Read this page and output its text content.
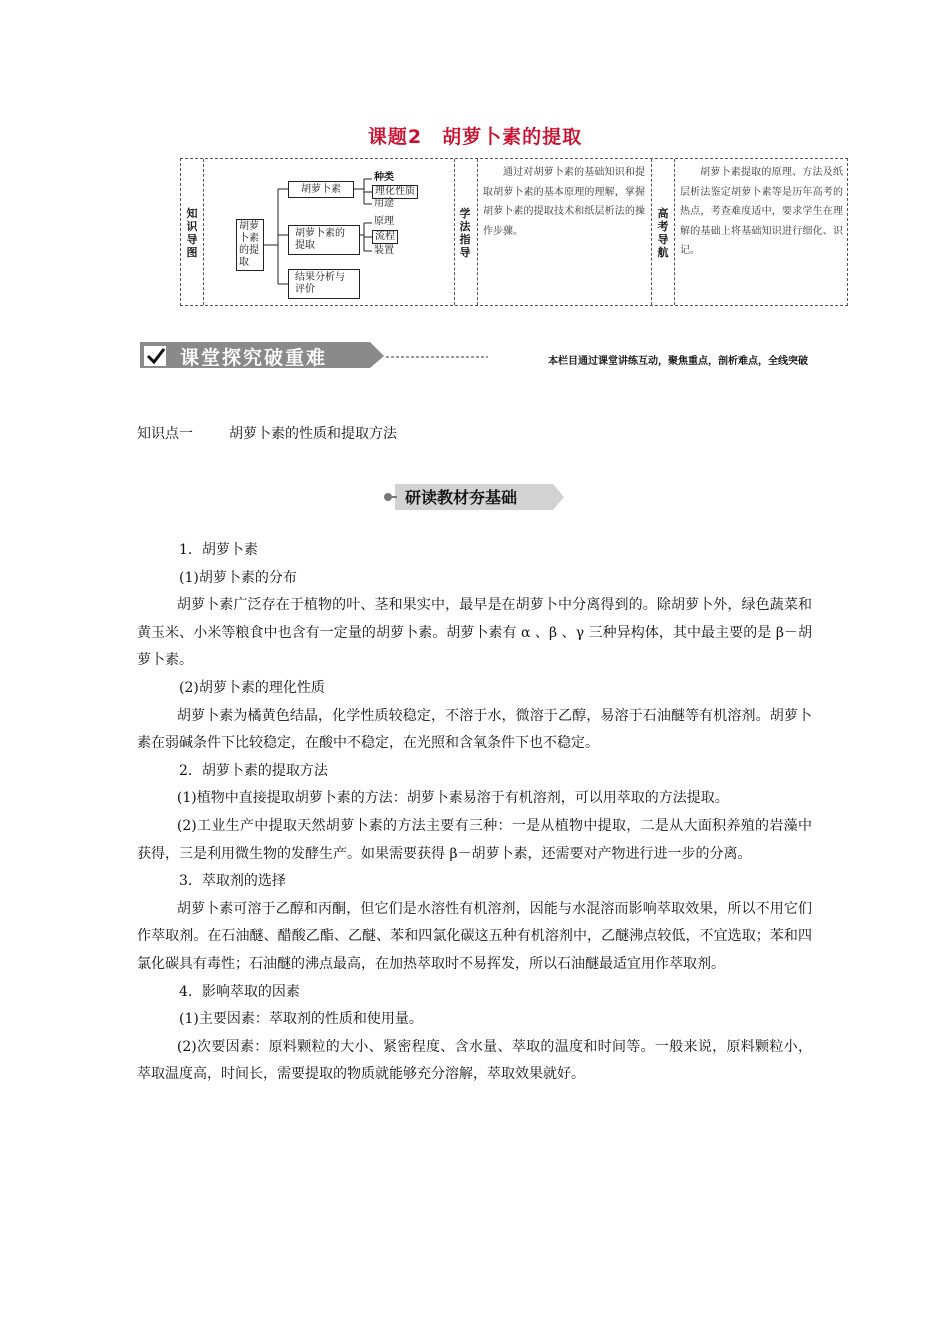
课题2　胡萝卜素的提取
知识导图
胡萝卜素的提取
胡萝卜素
胡萝卜素的提取
结果分析与评价
种类
理化性质
用途
原理
流程
装置
学法指导
通过对胡萝卜素的基础知识和提取胡萝卜素的基本原理的理解，掌握胡萝卜素的提取技术和纸层析法的操作步骤。
高考导航
胡萝卜素提取的原理、方法及纸层析法鉴定胡萝卜素等是历年高考的热点，考查难度适中，要求学生在理解的基础上将基础知识进行细化、识记。
课堂探究破重难	本栏目通过课堂讲练互动，聚焦重点，剖析难点，全线突破
知识点一	胡萝卜素的性质和提取方法
研读教材夯基础

1．胡萝卜素

(1)胡萝卜素的分布

胡萝卜素广泛存在于植物的叶、茎和果实中，最早是在胡萝卜中分离得到的。除胡萝卜外，绿色蔬菜和黄玉米、小米等粮食中也含有一定量的胡萝卜素。胡萝卜素有 α 、β 、γ 三种异构体，其中最主要的是 β－胡萝卜素。

(2)胡萝卜素的理化性质

胡萝卜素为橘黄色结晶，化学性质较稳定，不溶于水，微溶于乙醇，易溶于石油醚等有机溶剂。胡萝卜素在弱碱条件下比较稳定，在酸中不稳定，在光照和含氧条件下也不稳定。

2．胡萝卜素的提取方法

(1)植物中直接提取胡萝卜素的方法：胡萝卜素易溶于有机溶剂，可以用萃取的方法提取。

(2)工业生产中提取天然胡萝卜素的方法主要有三种：一是从植物中提取，二是从大面积养殖的岩藻中获得，三是利用微生物的发酵生产。如果需要获得 β－胡萝卜素，还需要对产物进行进一步的分离。

3．萃取剂的选择

胡萝卜素可溶于乙醇和丙酮，但它们是水溶性有机溶剂，因能与水混溶而影响萃取效果，所以不用它们作萃取剂。在石油醚、醋酸乙酯、乙醚、苯和四氯化碳这五种有机溶剂中，乙醚沸点较低，不宜选取；苯和四氯化碳具有毒性；石油醚的沸点最高，在加热萃取时不易挥发，所以石油醚最适宜用作萃取剂。

4．影响萃取的因素

(1)主要因素：萃取剂的性质和使用量。

(2)次要因素：原料颗粒的大小、紧密程度、含水量、萃取的温度和时间等。一般来说，原料颗粒小，萃取温度高，时间长，需要提取的物质就能够充分溶解，萃取效果就好。
